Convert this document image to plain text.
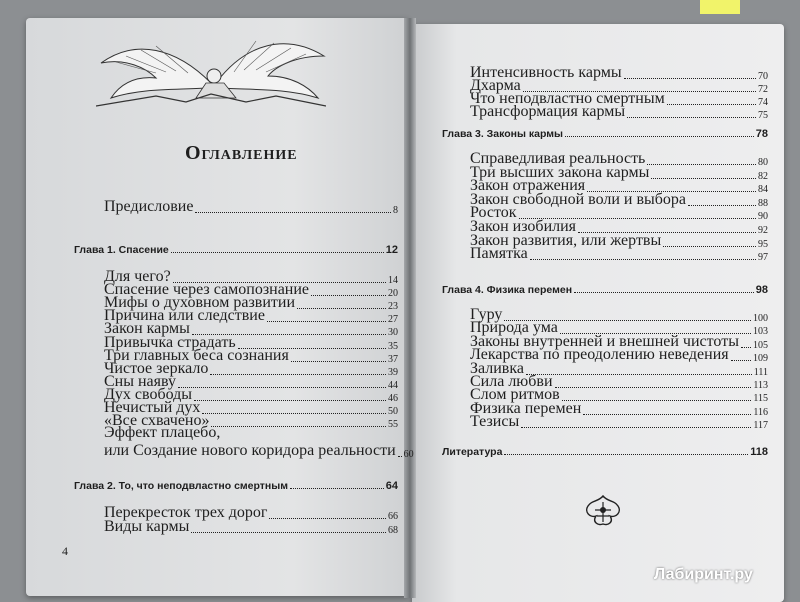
Оглавление
Предисловие	8
Глава 1. Спасение	12
Для чего?	14
Спасение через самопознание	20
Мифы о духовном развитии	23
Причина или следствие	27
Закон кармы	30
Привычка страдать	35
Три главных беса сознания	37
Чистое зеркало	39
Сны наяву	44
Дух свободы	46
Нечистый дух	50
«Все схвачено»	55
Эффект плацебо,
или Создание нового коридора реальности 60
Глава 2. То, что неподвластно смертным	64
Перекресток трех дорог	66
Виды кармы	68
4
Интенсивность кармы	70
Дхарма	72
Что неподвластно смертным	74
Трансформация кармы	75
Глава 3. Законы кармы	78
Справедливая реальность	80
Три высших закона кармы	82
Закон отражения	84
Закон свободной воли и выбора	88
Росток	90
Закон изобилия	92
Закон развития, или жертвы	95
Памятка	97
Глава 4. Физика перемен	98
Гуру	100
Природа ума	103
Законы внутренней и внешней чистоты 105
Лекарства по преодолению неведения 109
Заливка	111
Сила любви	113
Слом ритмов	115
Физика перемен	116
Тезисы	117
Литература	118
Лабиринт.ру
